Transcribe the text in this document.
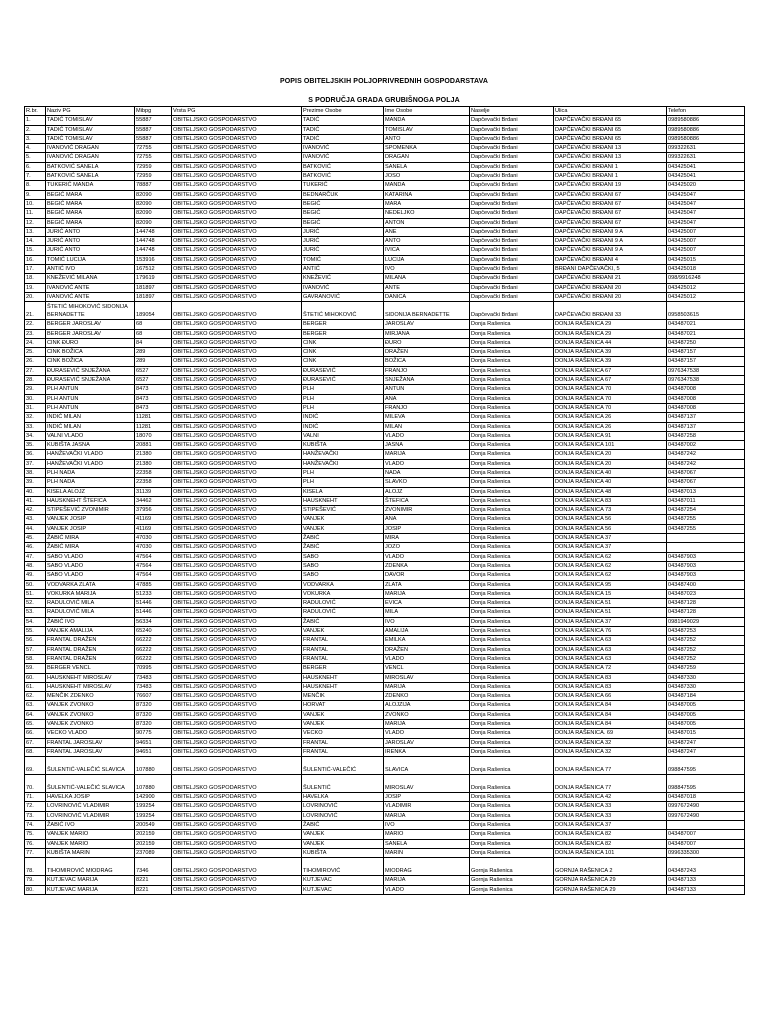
POPIS OBITELJSKIH POLJOPRIVREDNIH GOSPODARSTAVA
S PODRUČJA GRADA GRUBIŠNOGA POLJA
R.br.	Naziv PG	Mibpg	Vrsta PG	Prezime Osobe	Ime Osobe	Naselje	Ulica	Telefon
1.	TADIĆ TOMISLAV	55887	OBITELJSKO GOSPODARSTVO	TADIĆ	MANDA	Dapčevački Brđani	DAPČEVAČKI BRĐANI 65	0989580886
2.	TADIĆ TOMISLAV	55887	OBITELJSKO GOSPODARSTVO	TADIĆ	TOMISLAV	Dapčevački Brđani	DAPČEVAČKI BRĐANI 65	0989580886
3.	TADIĆ TOMISLAV	55887	OBITELJSKO GOSPODARSTVO	TADIĆ	ANTO	Dapčevački Brđani	DAPČEVAČKI BRĐANI 65	0989580886
4.	IVANOVIĆ DRAGAN	72755	OBITELJSKO GOSPODARSTVO	IVANOVIĆ	SPOMENKA	Dapčevački Brđani	DAPČEVAČKI BRĐANI 13	099322631
5.	IVANOVIĆ DRAGAN	72755	OBITELJSKO GOSPODARSTVO	IVANOVIĆ	DRAGAN	Dapčevački Brđani	DAPČEVAČKI BRĐANI 13	099322631
6.	BATKOVIĆ SANELA	72959	OBITELJSKO GOSPODARSTVO	BATKOVIĆ	SANELA	Dapčevački Brđani	DAPČEVAČKI BRĐANI 1	043425041
7.	BATKOVIĆ SANELA	72959	OBITELJSKO GOSPODARSTVO	BATKOVIĆ	JOSO	Dapčevački Brđani	DAPČEVAČKI BRĐANI 1	043425041
8.	TUKERIĆ MANDA	78887	OBITELJSKO GOSPODARSTVO	TUKERIĆ	MANDA	Dapčevački Brđani	DAPČEVAČKI BRĐANI 19	043425020
9.	BEGIĆ MARA	82090	OBITELJSKO GOSPODARSTVO	BEDNARČUK	KATARINA	Dapčevački Brđani	DAPČEVAČKI BRĐANI 67	043425047
10.	BEGIĆ MARA	82090	OBITELJSKO GOSPODARSTVO	BEGIĆ	MARA	Dapčevački Brđani	DAPČEVAČKI BRĐANI 67	043425047
11.	BEGIĆ MARA	82090	OBITELJSKO GOSPODARSTVO	BEGIĆ	NEDELJKO	Dapčevački Brđani	DAPČEVAČKI BRĐANI 67	043425047
12.	BEGIĆ MARA	82090	OBITELJSKO GOSPODARSTVO	BEGIĆ	ANTON	Dapčevački Brđani	DAPČEVAČKI BRĐANI 67	043425047
13.	JURIĆ ANTO	144748	OBITELJSKO GOSPODARSTVO	JURIĆ	ANE	Dapčevački Brđani	DAPČEVAČKI BRĐANI 9 A	043425007
14.	JURIĆ ANTO	144748	OBITELJSKO GOSPODARSTVO	JURIĆ	ANTO	Dapčevački Brđani	DAPČEVAČKI BRĐANI 9 A	043425007
15.	JURIĆ ANTO	144748	OBITELJSKO GOSPODARSTVO	JURIĆ	IVICA	Dapčevački Brđani	DAPČEVAČKI BRĐANI 9 A	043425007
16.	TOMIĆ LUCIJA	153916	OBITELJSKO GOSPODARSTVO	TOMIĆ	LUCIJA	Dapčevački Brđani	DAPČEVAČKI BRĐANI 4	043425015
17.	ANTIĆ IVO	167512	OBITELJSKO GOSPODARSTVO	ANTIĆ	IVO	Dapčevački Brđani	BRĐANI DAPČEVAČKI, 5	043425018
18.	KNEŽEVIĆ MILANA	179619	OBITELJSKO GOSPODARSTVO	KNEŽEVIĆ	MILANA	Dapčevački Brđani	DAPČEVAČKI BRĐANI 21	098/9916248
19.	IVANOVIĆ ANTE	181897	OBITELJSKO GOSPODARSTVO	IVANOVIĆ	ANTE	Dapčevački Brđani	DAPČEVAČKI BRĐANI 20	043425012
20.	IVANOVIĆ ANTE	181897	OBITELJSKO GOSPODARSTVO	GAVRANOVIĆ	DANICA	Dapčevački Brđani	DAPČEVAČKI BRĐANI 20	043425012
21.	ŠTETIĆ MIHOKOVIĆ SIDONIJA BERNADETTE	189054	OBITELJSKO GOSPODARSTVO	ŠTETIĆ MIHOKOVIĆ	SIDONIJA BERNADETTE	Dapčevački Brđani	DAPČEVAČKI BRĐANI 33	0958503615
22.	BERGER JAROSLAV	68	OBITELJSKO GOSPODARSTVO	BERGER	JAROSLAV	Donja Rašenica	DONJA RAŠENICA 29	043487021
23.	BERGER JAROSLAV	68	OBITELJSKO GOSPODARSTVO	BERGER	MIRJANA	Donja Rašenica	DONJA RAŠENICA 29	043487021
24.	CINK ĐURO	84	OBITELJSKO GOSPODARSTVO	CINK	ĐURO	Donja Rašenica	DONJA RAŠENICA 44	043487250
25.	CINK BOŽICA	289	OBITELJSKO GOSPODARSTVO	CINK	DRAŽEN	Donja Rašenica	DONJA RAŠENICA 39	043487157
26.	CINK BOŽICA	289	OBITELJSKO GOSPODARSTVO	CINK	BOŽICA	Donja Rašenica	DONJA RAŠENICA 39	043487157
27.	ĐURASEVIĆ SNJEŽANA	6527	OBITELJSKO GOSPODARSTVO	ĐURASEVIĆ	FRANJO	Donja Rašenica	DONJA RAŠENICA 67	0976347538
28.	ĐURASEVIĆ SNJEŽANA	6527	OBITELJSKO GOSPODARSTVO	ĐURASEVIĆ	SNJEŽANA	Donja Rašenica	DONJA RAŠENICA 67	0976347538
29.	PLH ANTUN	8473	OBITELJSKO GOSPODARSTVO	PLH	ANTUN	Donja Rašenica	DONJA RAŠENICA 70	043487008
30.	PLH ANTUN	8473	OBITELJSKO GOSPODARSTVO	PLH	ANA	Donja Rašenica	DONJA RAŠENICA 70	043487008
31.	PLH ANTUN	8473	OBITELJSKO GOSPODARSTVO	PLH	FRANJO	Donja Rašenica	DONJA RAŠENICA 70	043487008
32.	INDIĆ MILAN	11281	OBITELJSKO GOSPODARSTVO	INDIĆ	MILEVA	Donja Rašenica	DONJA RAŠENICA 26	043487137
33.	INDIĆ MILAN	11281	OBITELJSKO GOSPODARSTVO	INDIĆ	MILAN	Donja Rašenica	DONJA RAŠENICA 26	043487137
34.	VALNI VLADO	18070	OBITELJSKO GOSPODARSTVO	VALNI	VLADO	Donja Rašenica	DONJA RAŠENICA 91	043487258
35.	KUBIŠTA JASNA	20881	OBITELJSKO GOSPODARSTVO	KUBIŠTA	JASNA	Donja Rašenica	DONJA RAŠENICA 101	043487002
36.	HANŽEVAČKI VLADO	21380	OBITELJSKO GOSPODARSTVO	HANŽEVAČKI	MARIJA	Donja Rašenica	DONJA RAŠENICA 20	043487242
37.	HANŽEVAČKI VLADO	21380	OBITELJSKO GOSPODARSTVO	HANŽEVAČKI	VLADO	Donja Rašenica	DONJA RAŠENICA 20	043487242
38.	PLH NADA	22358	OBITELJSKO GOSPODARSTVO	PLH	NADA	Donja Rašenica	DONJA RAŠENICA 40	043487067
39.	PLH NADA	22358	OBITELJSKO GOSPODARSTVO	PLH	SLAVKO	Donja Rašenica	DONJA RAŠENICA 40	043487067
40.	KISELA ALOJZ	31139	OBITELJSKO GOSPODARSTVO	KISELA	ALOJZ	Donja Rašenica	DONJA RAŠENICA 48	043487013
41.	HAUSKNEHT ŠTEFICA	34462	OBITELJSKO GOSPODARSTVO	HAUSKNEHT	ŠTEFICA	Donja Rašenica	DONJA RAŠENICA 83	043487011
42.	STIPEŠEVIĆ ZVONIMIR	37956	OBITELJSKO GOSPODARSTVO	STIPEŠEVIĆ	ZVONIMIR	Donja Rašenica	DONJA RAŠENICA 73	043487254
43.	VANJEK JOSIP	41169	OBITELJSKO GOSPODARSTVO	VANJEK	ANA	Donja Rašenica	DONJA RAŠENICA 56	043487255
44.	VANJEK JOSIP	41169	OBITELJSKO GOSPODARSTVO	VANJEK	JOSIP	Donja Rašenica	DONJA RAŠENICA 56	043487255
45.	ŽABIĆ MIRA	47030	OBITELJSKO GOSPODARSTVO	ŽABIĆ	MIRA	Donja Rašenica	DONJA RAŠENICA 37	
46.	ŽABIĆ MIRA	47030	OBITELJSKO GOSPODARSTVO	ŽABIĆ	JOZO	Donja Rašenica	DONJA RAŠENICA 37	
47.	SABO VLADO	47564	OBITELJSKO GOSPODARSTVO	SABO	VLADO	Donja Rašenica	DONJA RAŠENICA 62	043487903
48.	SABO VLADO	47564	OBITELJSKO GOSPODARSTVO	SABO	ZDENKA	Donja Rašenica	DONJA RAŠENICA 62	043487903
49.	SABO VLADO	47564	OBITELJSKO GOSPODARSTVO	SABO	DAVOR	Donja Rašenica	DONJA RAŠENICA 62	043487903
50.	VODVARKA ZLATA	47885	OBITELJSKO GOSPODARSTVO	VODVARKA	ZLATA	Donja Rašenica	DONJA RAŠENICA 95	043487400
51.	VOKURKA MARIJA	51233	OBITELJSKO GOSPODARSTVO	VOKURKA	MARIJA	Donja Rašenica	DONJA RAŠENICA 15	043487023
52.	RADULOVIĆ MILA	51446	OBITELJSKO GOSPODARSTVO	RADULOVIĆ	EVICA	Donja Rašenica	DONJA RAŠENICA 51	043487128
53.	RADULOVIĆ MILA	51446	OBITELJSKO GOSPODARSTVO	RADULOVIĆ	MILA	Donja Rašenica	DONJA RAŠENICA 51	043487128
54.	ŽABIĆ IVO	56334	OBITELJSKO GOSPODARSTVO	ŽABIĆ	IVO	Donja Rašenica	DONJA RAŠENICA 37	0981949029
55.	VANJEK AMALIJA	65240	OBITELJSKO GOSPODARSTVO	VANJEK	AMALIJA	Donja Rašenica	DONJA RAŠENICA 76	043487253
56.	FRANTAL DRAŽEN	66222	OBITELJSKO GOSPODARSTVO	FRANTAL	EMILKA	Donja Rašenica	DONJA RAŠENICA 63	043487252
57.	FRANTAL DRAŽEN	66222	OBITELJSKO GOSPODARSTVO	FRANTAL	DRAŽEN	Donja Rašenica	DONJA RAŠENICA 63	043487252
58.	FRANTAL DRAŽEN	66222	OBITELJSKO GOSPODARSTVO	FRANTAL	VLADO	Donja Rašenica	DONJA RAŠENICA 63	043487252
59.	BERGER VENCL	70995	OBITELJSKO GOSPODARSTVO	BERGER	VENCL	Donja Rašenica	DONJA RAŠENICA 72	043487259
60.	HAUSKNEHT MIROSLAV	73483	OBITELJSKO GOSPODARSTVO	HAUSKNEHT	MIROSLAV	Donja Rašenica	DONJA RAŠENICA 83	043487330
61.	HAUSKNEHT MIROSLAV	73483	OBITELJSKO GOSPODARSTVO	HAUSKNEHT	MARIJA	Donja Rašenica	DONJA RAŠENICA 83	043487330
62.	MENČIK ZDENKO	76607	OBITELJSKO GOSPODARSTVO	MENČIK	ZDENKO	Donja Rašenica	DONJA RAŠENICA 66	043487184
63.	VANJEK ZVONKO	87320	OBITELJSKO GOSPODARSTVO	HORVAT	ALOJZIJA	Donja Rašenica	DONJA RAŠENICA 84	043487005
64.	VANJEK ZVONKO	87320	OBITELJSKO GOSPODARSTVO	VANJEK	ZVONKO	Donja Rašenica	DONJA RAŠENICA 84	043487005
65.	VANJEK ZVONKO	87320	OBITELJSKO GOSPODARSTVO	VANJEK	MARIJA	Donja Rašenica	DONJA RAŠENICA 84	043487005
66.	VECKO VLADO	90775	OBITELJSKO GOSPODARSTVO	VECKO	VLADO	Donja Rašenica	DONJA RAŠENICA. 69	043487015
67.	FRANTAL JAROSLAV	94651	OBITELJSKO GOSPODARSTVO	FRANTAL	JAROSLAV	Donja Rašenica	DONJA RAŠENICA 32	043487247
68.	FRANTAL JAROSLAV	94651	OBITELJSKO GOSPODARSTVO	FRANTAL	IRENKA	Donja Rašenica	DONJA RAŠENICA 32	043487247
69.	ŠULENTIĆ-VALEČIĆ SLAVICA	107880	OBITELJSKO GOSPODARSTVO	ŠULENTIĆ-VALEČIĆ	SLAVICA	Donja Rašenica	DONJA RAŠENICA 77	098847595
70.	ŠULENTIĆ-VALEČIĆ SLAVICA	107880	OBITELJSKO GOSPODARSTVO	ŠULENTIĆ	MIROSLAV	Donja Rašenica	DONJA RAŠENICA 77	098847595
71.	HAVELKA JOSIP	142900	OBITELJSKO GOSPODARSTVO	HAVELKA	JOSIP	Donja Rašenica	DONJA RAŠENICA 42	043487018
72.	LOVRINOVIĆ VLADIMIR	199254	OBITELJSKO GOSPODARSTVO	LOVRINOVIĆ	VLADIMIR	Donja Rašenica	DONJA RAŠENICA 33	0997672490
73.	LOVRINOVIĆ VLADIMIR	199254	OBITELJSKO GOSPODARSTVO	LOVRINOVIĆ	MARIJA	Donja Rašenica	DONJA RAŠENICA 33	0997672490
74.	ŽABIĆ IVO	200549	OBITELJSKO GOSPODARSTVO	ŽABIĆ	IVO	Donja Rašenica	DONJA RAŠENICA 37	
75.	VANJEK MARIO	202159	OBITELJSKO GOSPODARSTVO	VANJEK	MARIO	Donja Rašenica	DONJA RAŠENICA 82	043487007
76.	VANJEK MARIO	202159	OBITELJSKO GOSPODARSTVO	VANJEK	SANELA	Donja Rašenica	DONJA RAŠENICA 82	043487007
77.	KUBIŠTA MARIN	237089	OBITELJSKO GOSPODARSTVO	KUBIŠTA	MARIN	Donja Rašenica	DONJA RAŠENICA 101	0996335300
78.	TIHOMIROVIĆ MIODRAG	7346	OBITELJSKO GOSPODARSTVO	TIHOMIROVIĆ	MIODRAG	Gornja Rašenica	GORNJA RAŠENICA 2	043487243
79.	KUTJEVAC MARIJA	8221	OBITELJSKO GOSPODARSTVO	KUTJEVAC	MARIJA	Gornja Rašenica	GORNJA RAŠENICA 29	043487133
80.	KUTJEVAC MARIJA	8221	OBITELJSKO GOSPODARSTVO	KUTJEVAC	VLADO	Gornja Rašenica	GORNJA RAŠENICA 29	043487133
